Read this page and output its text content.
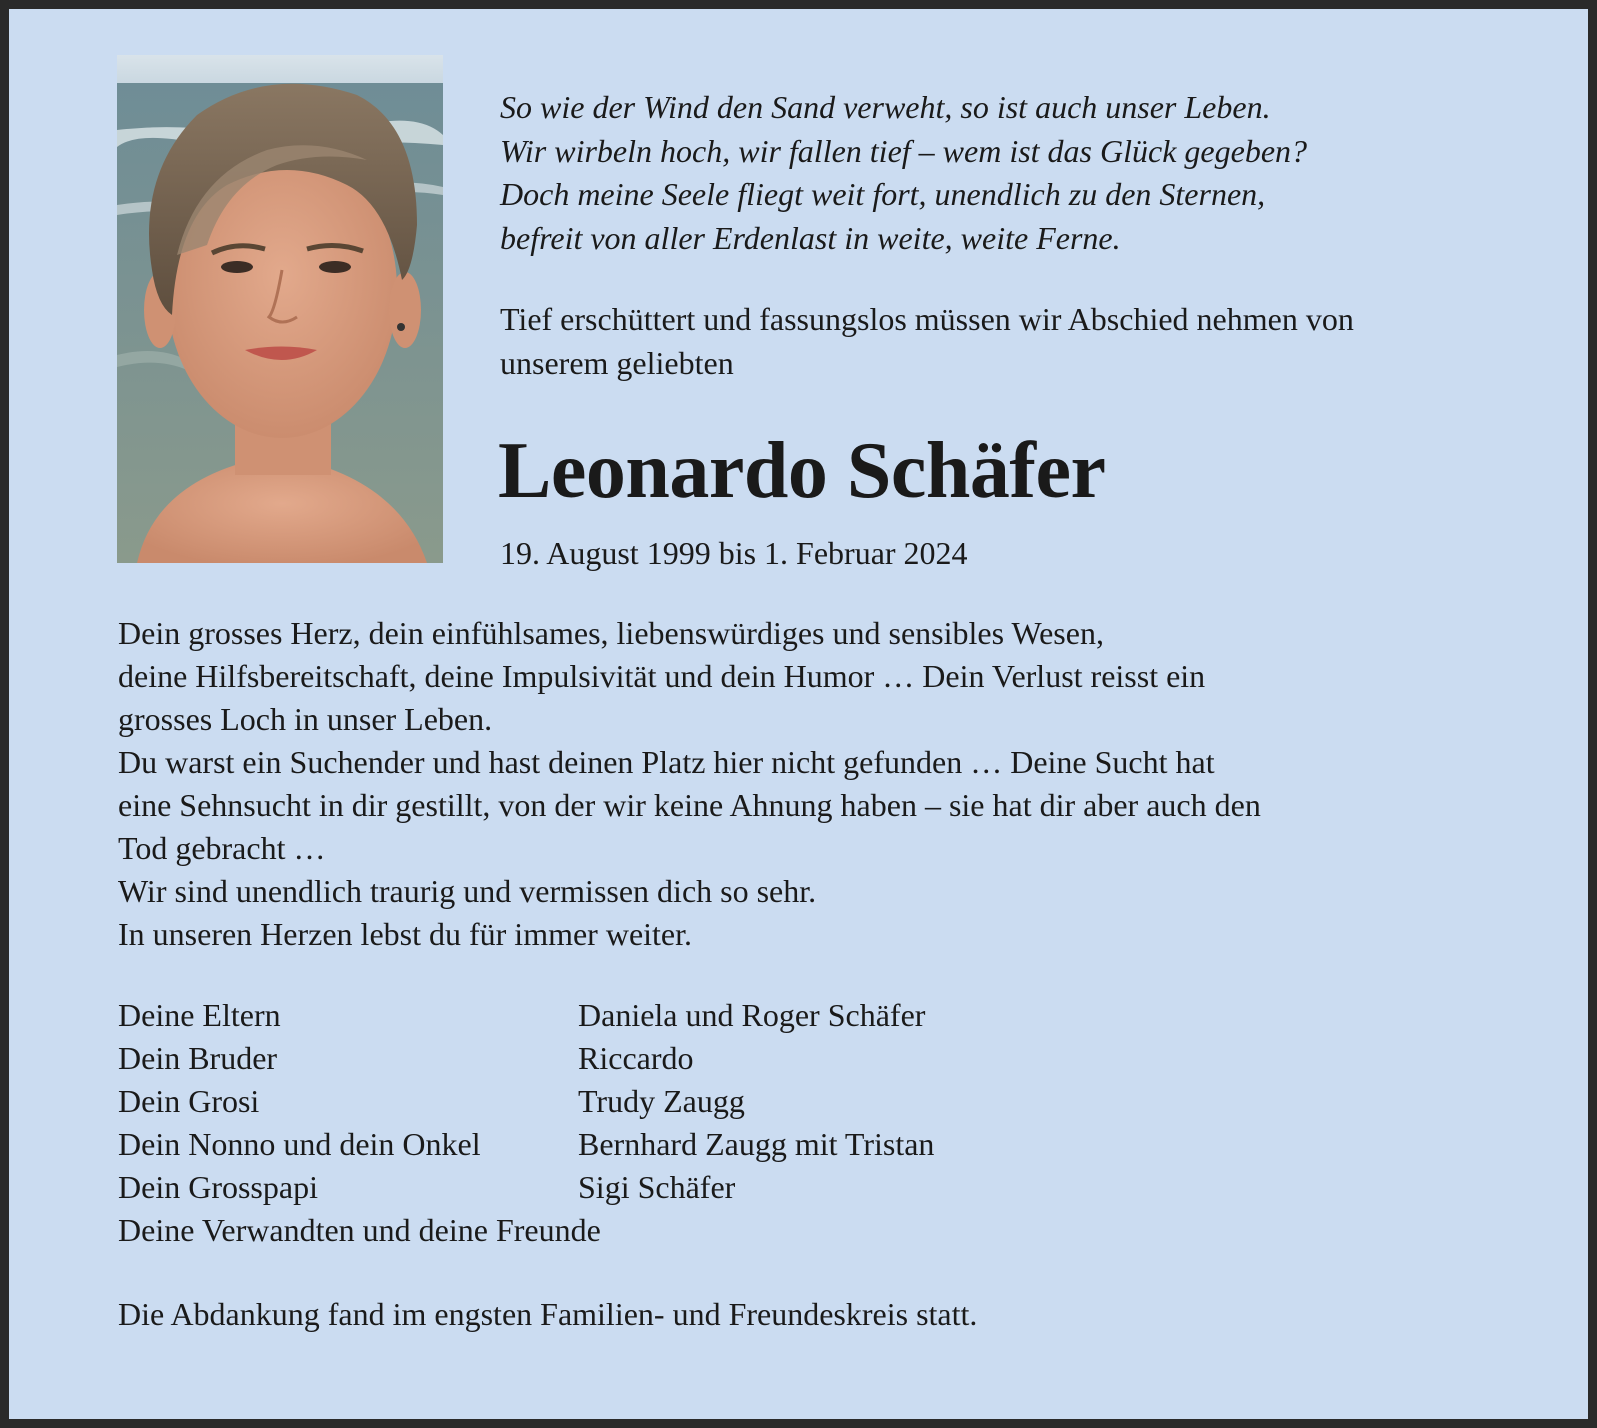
So wie der Wind den Sand verweht, so ist auch unser Leben.
Wir wirbeln hoch, wir fallen tief – wem ist das Glück gegeben?
Doch meine Seele fliegt weit fort, unendlich zu den Sternen,
befreit von aller Erdenlast in weite, weite Ferne.
Tief erschüttert und fassungslos müssen wir Abschied nehmen von
unserem geliebten
Leonardo Schäfer
19. August 1999 bis 1. Februar 2024
Dein grosses Herz, dein einfühlsames, liebenswürdiges und sensibles Wesen,
deine Hilfsbereitschaft, deine Impulsivität und dein Humor … Dein Verlust reisst ein
grosses Loch in unser Leben.
Du warst ein Suchender und hast deinen Platz hier nicht gefunden … Deine Sucht hat
eine Sehnsucht in dir gestillt, von der wir keine Ahnung haben – sie hat dir aber auch den
Tod gebracht …
Wir sind unendlich traurig und vermissen dich so sehr.
In unseren Herzen lebst du für immer weiter.
Deine Eltern	Daniela und Roger Schäfer
Dein Bruder	Riccardo
Dein Grosi	Trudy Zaugg
Dein Nonno und dein Onkel	Bernhard Zaugg mit Tristan
Dein Grosspapi	Sigi Schäfer
Deine Verwandten und deine Freunde
Die Abdankung fand im engsten Familien- und Freundeskreis statt.
